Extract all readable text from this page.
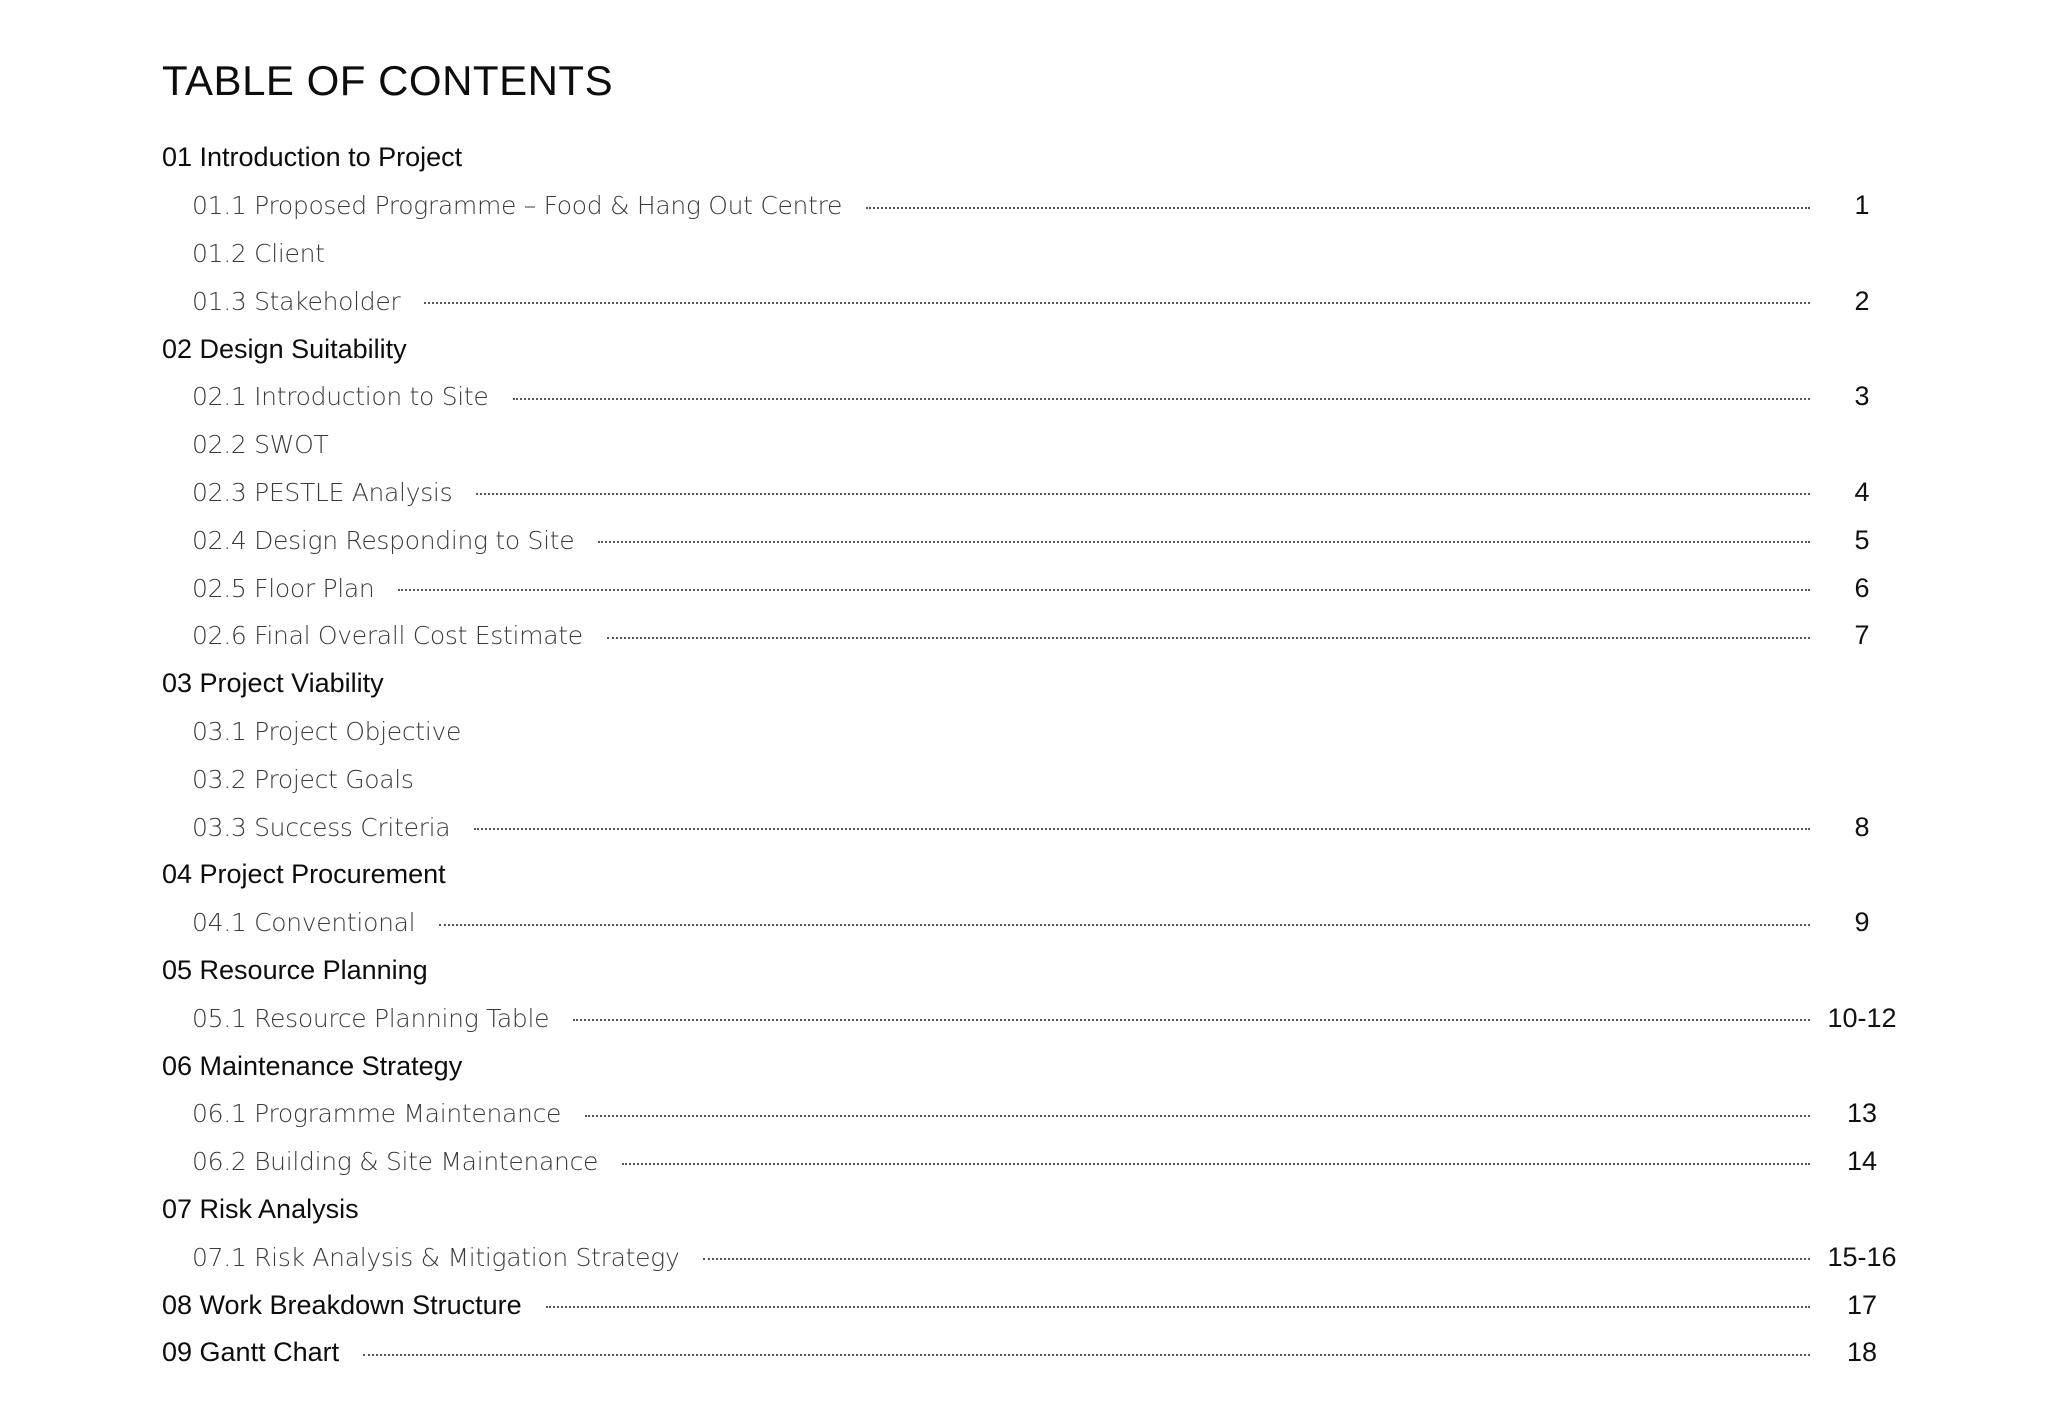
TABLE OF CONTENTS
01 Introduction to Project
01.1 Proposed Programme – Food & Hang Out Centre	1
01.2 Client
01.3 Stakeholder	2
02 Design Suitability
02.1 Introduction to Site	3
02.2 SWOT
02.3 PESTLE Analysis	4
02.4 Design Responding to Site	5
02.5 Floor Plan	6
02.6 Final Overall Cost Estimate	7
03 Project Viability
03.1 Project Objective
03.2 Project Goals
03.3 Success Criteria	8
04 Project Procurement
04.1 Conventional	9
05 Resource Planning
05.1 Resource Planning Table	10-12
06 Maintenance Strategy
06.1 Programme Maintenance	13
06.2 Building & Site Maintenance	14
07 Risk Analysis
07.1 Risk Analysis & Mitigation Strategy	15-16
08 Work Breakdown Structure	17
09 Gantt Chart	18
